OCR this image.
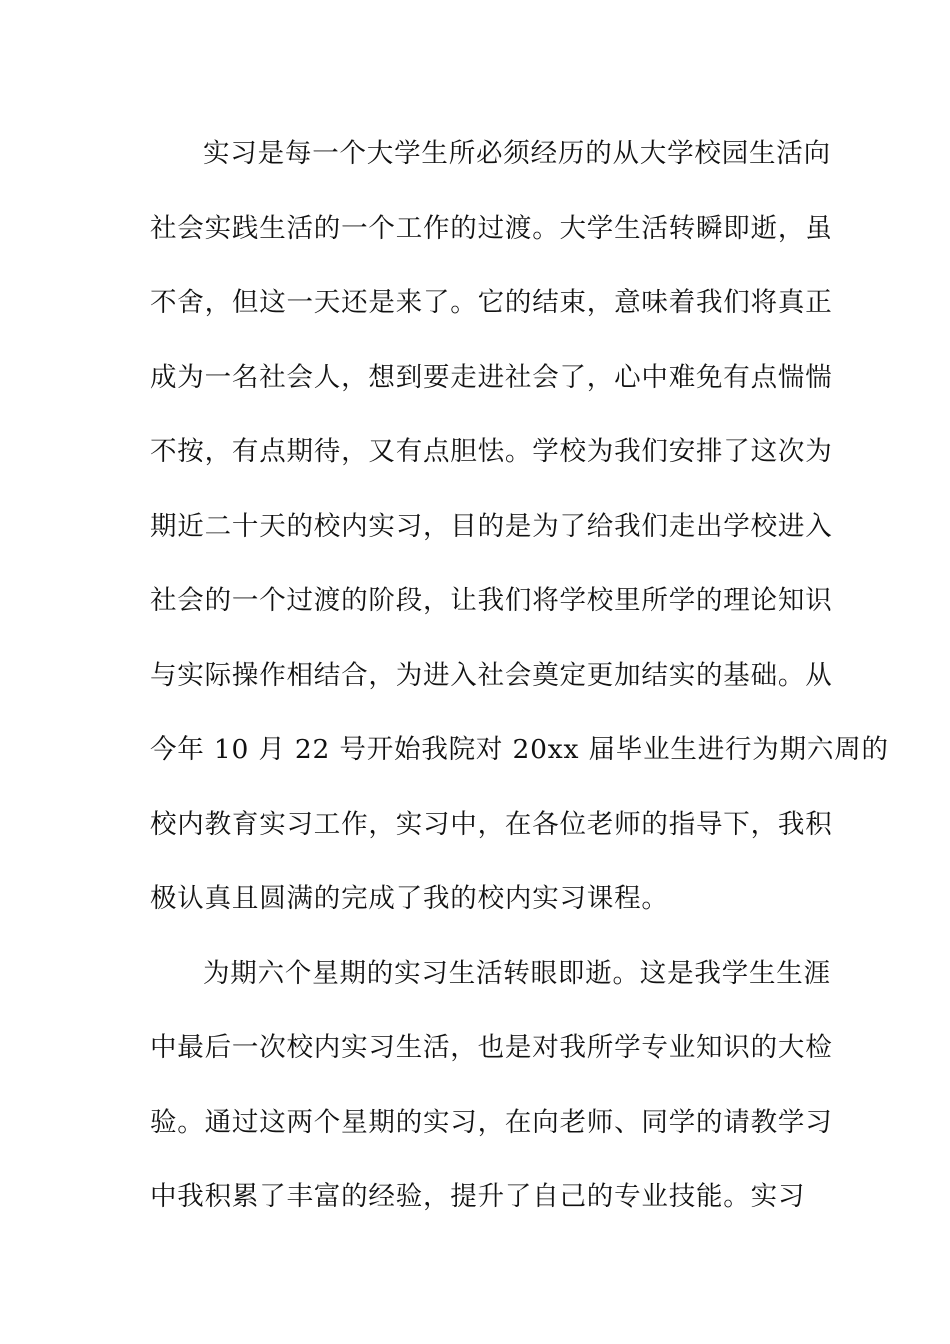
实习是每一个大学生所必须经历的从大学校园生活向
社会实践生活的一个工作的过渡。大学生活转瞬即逝，虽
不舍，但这一天还是来了。它的结束，意味着我们将真正
成为一名社会人，想到要走进社会了，心中难免有点惴惴
不按，有点期待，又有点胆怯。学校为我们安排了这次为
期近二十天的校内实习，目的是为了给我们走出学校进入
社会的一个过渡的阶段，让我们将学校里所学的理论知识
与实际操作相结合，为进入社会奠定更加结实的基础。从
今年 10 月 22 号开始我院对 20xx 届毕业生进行为期六周的
校内教育实习工作，实习中，在各位老师的指导下，我积
极认真且圆满的完成了我的校内实习课程。
为期六个星期的实习生活转眼即逝。这是我学生生涯
中最后一次校内实习生活，也是对我所学专业知识的大检
验。通过这两个星期的实习，在向老师、同学的请教学习
中我积累了丰富的经验，提升了自己的专业技能。实习
